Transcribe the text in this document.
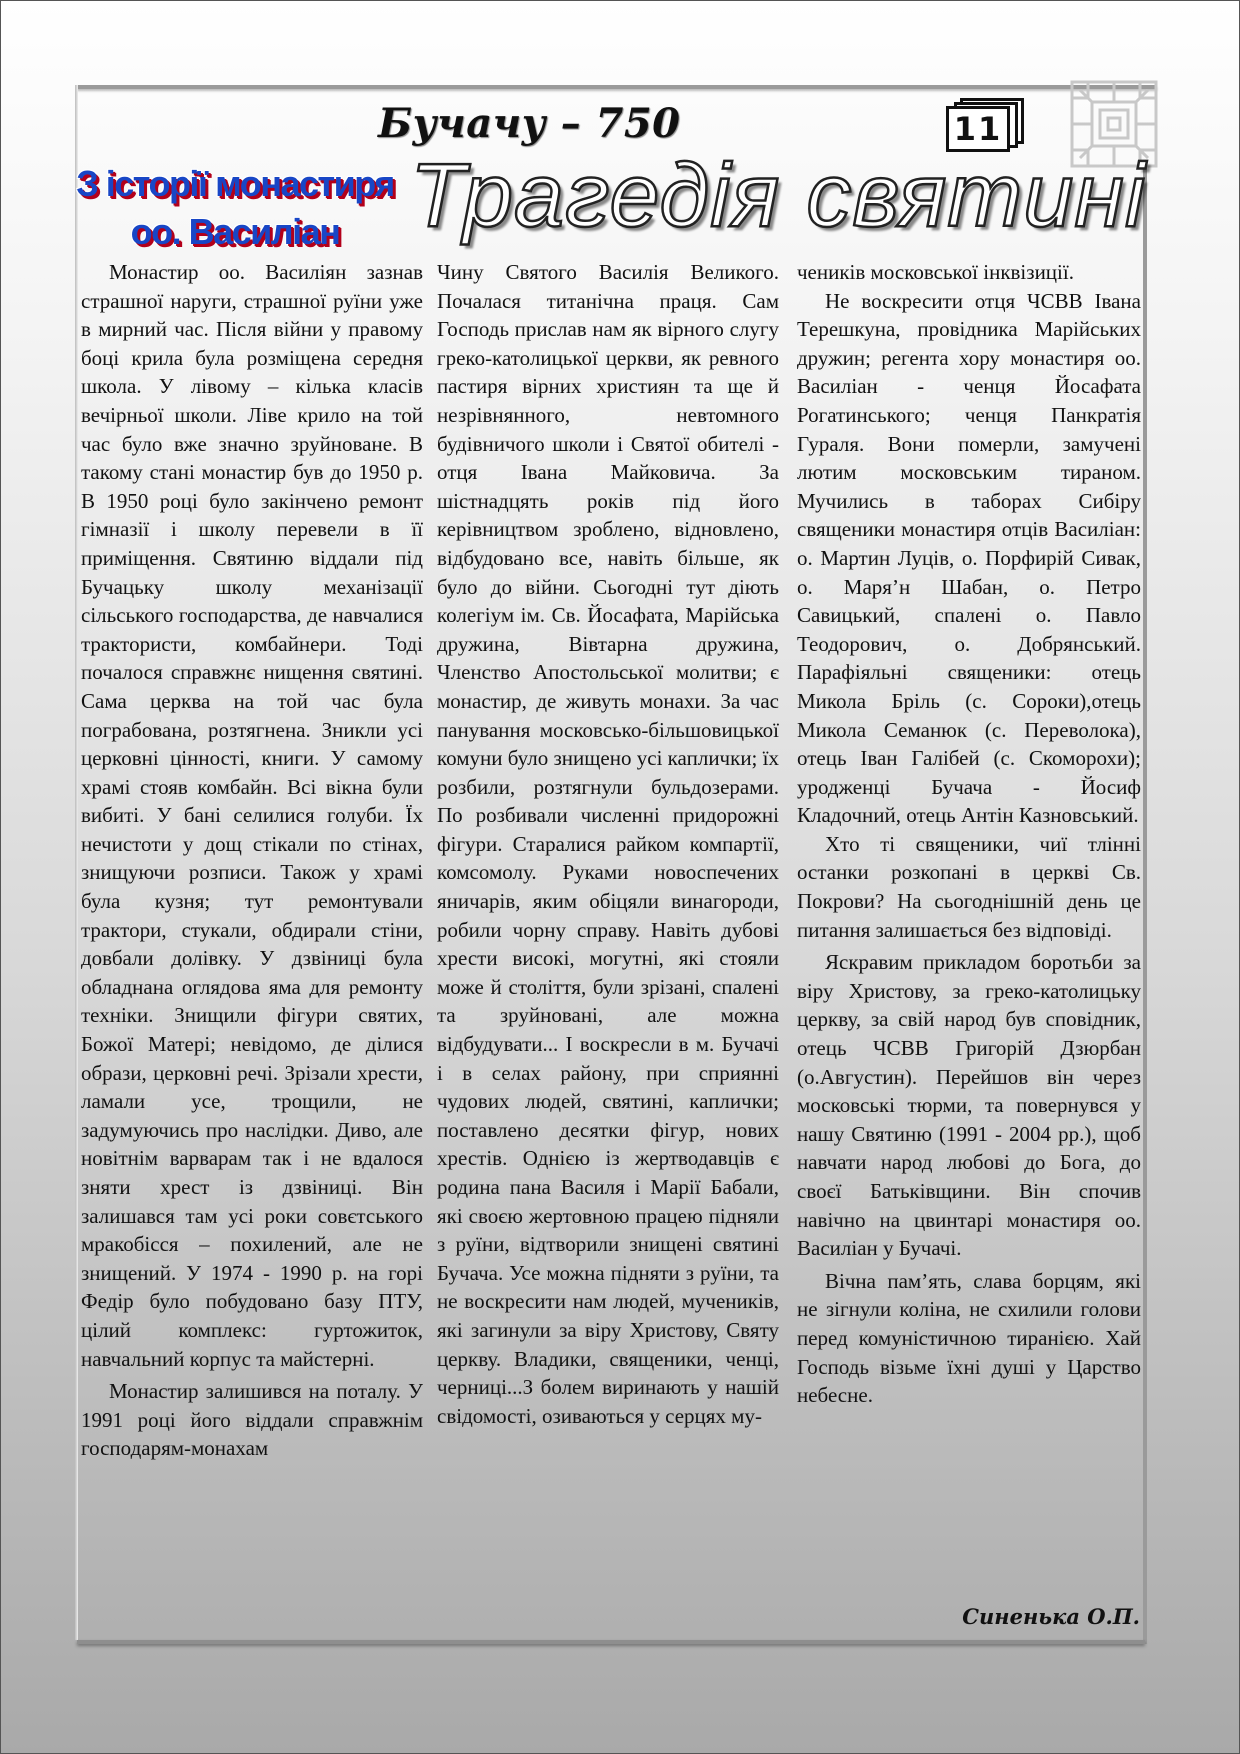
Бучачу – 750	11
З історії монастиря
оо. Василіан Трагедія святині

Монастир оо. Василіян зазнав страшної наруги, страшної руїни уже в мирний час. Після війни у правому боці крила була розміщена середня школа. У лівому – кілька класів вечірньої школи. Ліве крило на той час було вже значно зруйноване. В такому стані монастир був до 1950 р. В 1950 році було закінчено ремонт гімназії і школу перевели в її приміщення. Святиню віддали під Бучацьку школу механізації сільського господарства, де навчалися трактористи, комбайнери. Тоді почалося справжнє нищення святині. Сама церква на той час була пограбована, розтягнена. Зникли усі церковні цінності, книги. У самому храмі стояв комбайн. Всі вікна були вибиті. У бані селилися голуби. Їх нечистоти у дощ стікали по стінах, знищуючи розписи. Також у храмі була кузня; тут ремонтували трактори, стукали, обдирали стіни, довбали долівку. У дзвіниці була обладнана оглядова яма для ремонту техніки. Знищили фігури святих, Божої Матері; невідомо, де ділися образи, церковні речі. Зрізали хрести, ламали усе, трощили, не задумуючись про наслідки. Диво, але новітнім варварам так і не вдалося зняти хрест із дзвіниці. Він залишався там усі роки совєтського мракобісся – похилений, але не знищений. У 1974 - 1990 р. на горі Федір було побудовано базу ПТУ, цілий комплекс: гуртожиток, навчальний корпус та майстерні.

Монастир залишився на поталу. У 1991 році його віддали справжнім господарям-монахам

Чину Святого Василія Великого. Почалася титанічна праця. Сам Господь прислав нам як вірного слугу греко-католицької церкви, як ревного пастиря вірних християн та ще й незрівнянного, невтомного будівничого школи і Святої обителі - отця Івана Майковича. За шістнадцять років під його керівництвом зроблено, відновлено, відбудовано все, навіть більше, як було до війни. Сьогодні тут діють колегіум ім. Св. Йосафата, Марійська дружина, Вівтарна дружина, Членство Апостольської молитви; є монастир, де живуть монахи. За час панування московсько-більшовицької комуни було знищено усі каплички; їх розбили, розтягнули бульдозерами. По розбивали численні придорожні фігури. Старалися райком компартії, комсомолу. Руками новоспечених яничарів, яким обіцяли винагороди, робили чорну справу. Навіть дубові хрести високі, могутні, які стояли може й століття, були зрізані, спалені та зруйновані, але можна відбудувати... І воскресли в м. Бучачі і в селах району, при сприянні чудових людей, святині, каплички; поставлено десятки фігур, нових хрестів. Однією із жертводавців є родина пана Василя і Марії Бабали, які своєю жертовною працею підняли з руїни, відтворили знищені святині Бучача. Усе можна підняти з руїни, та не воскресити нам людей, мучеників, які загинули за віру Христову, Святу церкву. Владики, священики, ченці, черниці...З болем виринають у нашій свідомості, озиваються у серцях му-

чеників московської інквізиції.

Не воскресити отця ЧСВВ Івана Терешкуна, провідника Марійських дружин; регента хору монастиря оо. Василіан - ченця Йосафата Рогатинського; ченця Панкратія Гураля. Вони померли, замучені лютим московським тираном. Мучились в таборах Сибіру священики монастиря отців Василіан: о. Мартин Луців, о. Порфирій Сивак, о. Маря’н Шабан, о. Петро Савицький, спалені о. Павло Теодорович, о. Добрянський. Парафіяльні священики: отець Микола Бріль (с. Сороки),отець Микола Семанюк (с. Переволока), отець Іван Галібей (с. Скоморохи); уродженці Бучача - Йосиф Кладочний, отець Антін Казновський.

Хто ті священики, чиї тлінні останки розкопані в церкві Св. Покрови? На сьогоднішній день це питання залишається без відповіді.

Яскравим прикладом боротьби за віру Христову, за греко-католицьку церкву, за свій народ був сповідник, отець ЧСВВ Григорій Дзюрбан (о.Августин). Перейшов він через московські тюрми, та повернувся у нашу Святиню (1991 - 2004 рр.), щоб навчати народ любові до Бога, до своєї Батьківщини. Він спочив навічно на цвинтарі монастиря оо. Василіан у Бучачі.

Вічна пам’ять, слава борцям, які не зігнули коліна, не схилили голови перед комуністичною тиранією. Хай Господь візьме їхні душі у Царство небесне.

Синенька О.П.
